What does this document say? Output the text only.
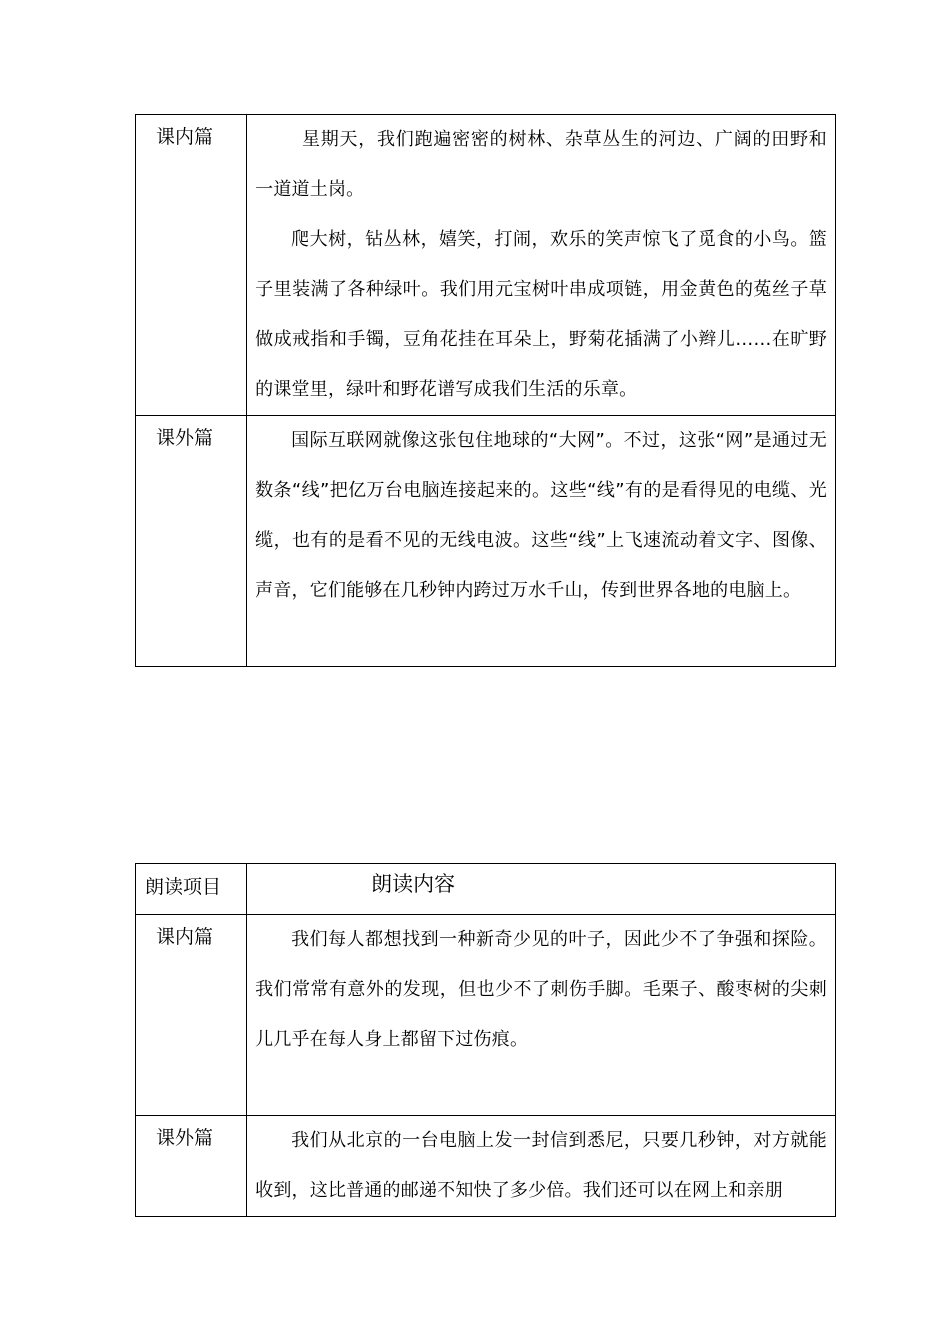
课内篇	星期天，我们跑遍密密的树林、杂草丛生的河边、广阔的田野和一道道土岗。

爬大树，钻丛林，嬉笑，打闹，欢乐的笑声惊飞了觅食的小鸟。篮子里装满了各种绿叶。我们用元宝树叶串成项链，用金黄色的菟丝子草做成戒指和手镯，豆角花挂在耳朵上，野菊花插满了小辫儿……在旷野的课堂里，绿叶和野花谱写成我们生活的乐章。

课外篇	国际互联网就像这张包住地球的“大网”。不过，这张“网”是通过无数条“线”把亿万台电脑连接起来的。这些“线”有的是看得见的电缆、光缆，也有的是看不见的无线电波。这些“线”上飞速流动着文字、图像、声音，它们能够在几秒钟内跨过万水千山，传到世界各地的电脑上。

朗读项目	朗读内容

课内篇	我们每人都想找到一种新奇少见的叶子，因此少不了争强和探险。我们常常有意外的发现，但也少不了刺伤手脚。毛栗子、酸枣树的尖刺儿几乎在每人身上都留下过伤痕。

课外篇	我们从北京的一台电脑上发一封信到悉尼，只要几秒钟，对方就能收到，这比普通的邮递不知快了多少倍。我们还可以在网上和亲朋
